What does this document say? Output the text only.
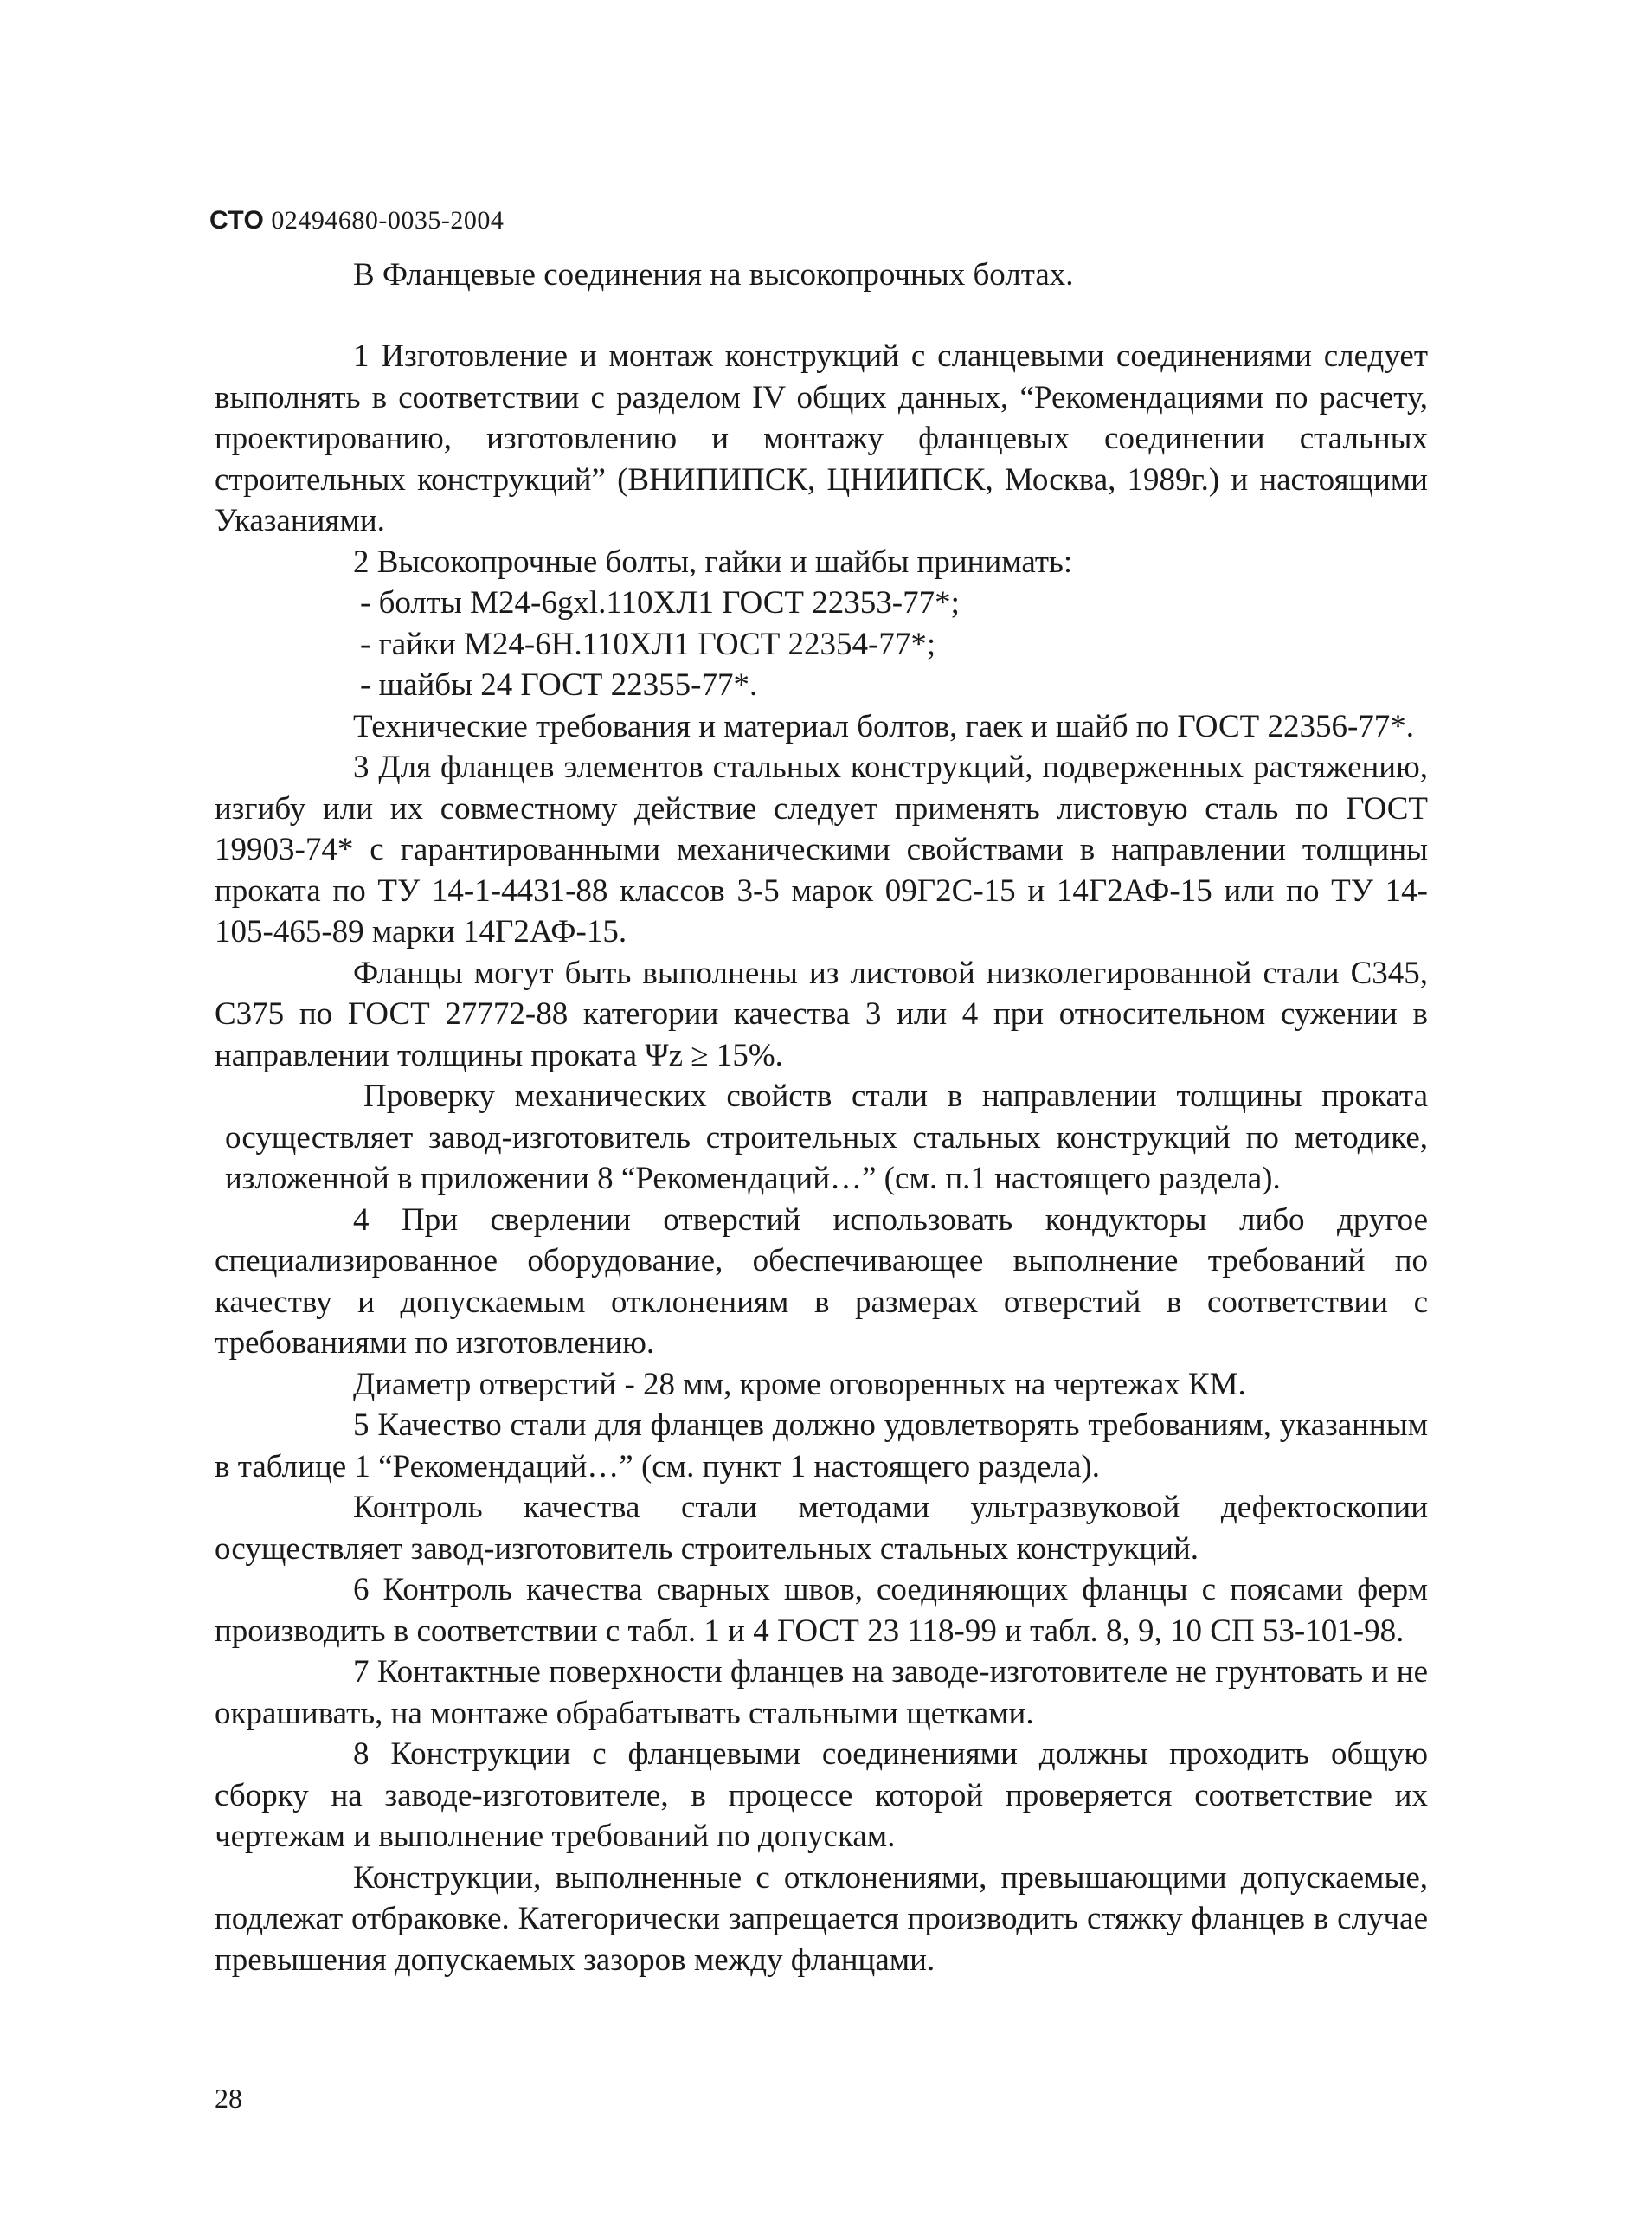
СТО 02494680-0035-2004
В Фланцевые соединения на высокопрочных болтах.

1 Изготовление и монтаж конструкций с сланцевыми соединениями следует выполнять в соответствии с разделом IV общих данных, “Рекомендациями по расчету, проектированию, изготовлению и монтажу фланцевых соединении стальных строительных конструкций” (ВНИПИПСК, ЦНИИПСК, Москва, 1989г.) и настоящими Указаниями.

2 Высокопрочные болты, гайки и шайбы принимать:

- болты М24-6gxl.110ХЛ1 ГОСТ 22353-77*;

- гайки М24-6Н.110ХЛ1 ГОСТ 22354-77*;

- шайбы 24 ГОСТ 22355-77*.

Технические требования и материал болтов, гаек и шайб по ГОСТ 22356-77*.

3 Для фланцев элементов стальных конструкций, подверженных растяжению, изгибу или их совместному действие следует применять листовую сталь по ГОСТ 19903-74* с гарантированными механическими свойствами в направлении толщины проката по ТУ 14-1-4431-88 классов 3-5 марок 09Г2С-15 и 14Г2АФ-15 или по ТУ 14-105-465-89 марки 14Г2АФ-15.

Фланцы могут быть выполнены из листовой низколегированной стали С345, С375 по ГОСТ 27772-88 категории качества 3 или 4 при относительном сужении в направлении толщины проката Ψz ≥ 15%.

Проверку механических свойств стали в направлении толщины проката осуществляет завод-изготовитель строительных стальных конструкций по методике, изложенной в приложении 8 “Рекомендаций…” (см. п.1 настоящего раздела).

4 При сверлении отверстий использовать кондукторы либо другое специализированное оборудование, обеспечивающее выполнение требований по качеству и допускаемым отклонениям в размерах отверстий в соответствии с требованиями по изготовлению.

Диаметр отверстий - 28 мм, кроме оговоренных на чертежах КМ.

5 Качество стали для фланцев должно удовлетворять требованиям, указанным в таблице 1 “Рекомендаций…” (см. пункт 1 настоящего раздела).

Контроль качества стали методами ультразвуковой дефектоскопии осуществляет завод-изготовитель строительных стальных конструкций.

6 Контроль качества сварных швов, соединяющих фланцы с поясами ферм производить в соответствии с табл. 1 и 4 ГОСТ 23 118-99 и табл. 8, 9, 10 СП 53-101-98.

7 Контактные поверхности фланцев на заводе-изготовителе не грунтовать и не окрашивать, на монтаже обрабатывать стальными щетками.

8 Конструкции с фланцевыми соединениями должны проходить общую сборку на заводе-изготовителе, в процессе которой проверяется соответствие их чертежам и выполнение требований по допускам.

Конструкции, выполненные с отклонениями, превышающими допускаемые, подлежат отбраковке. Категорически запрещается производить стяжку фланцев в случае превышения допускаемых зазоров между фланцами.

28
